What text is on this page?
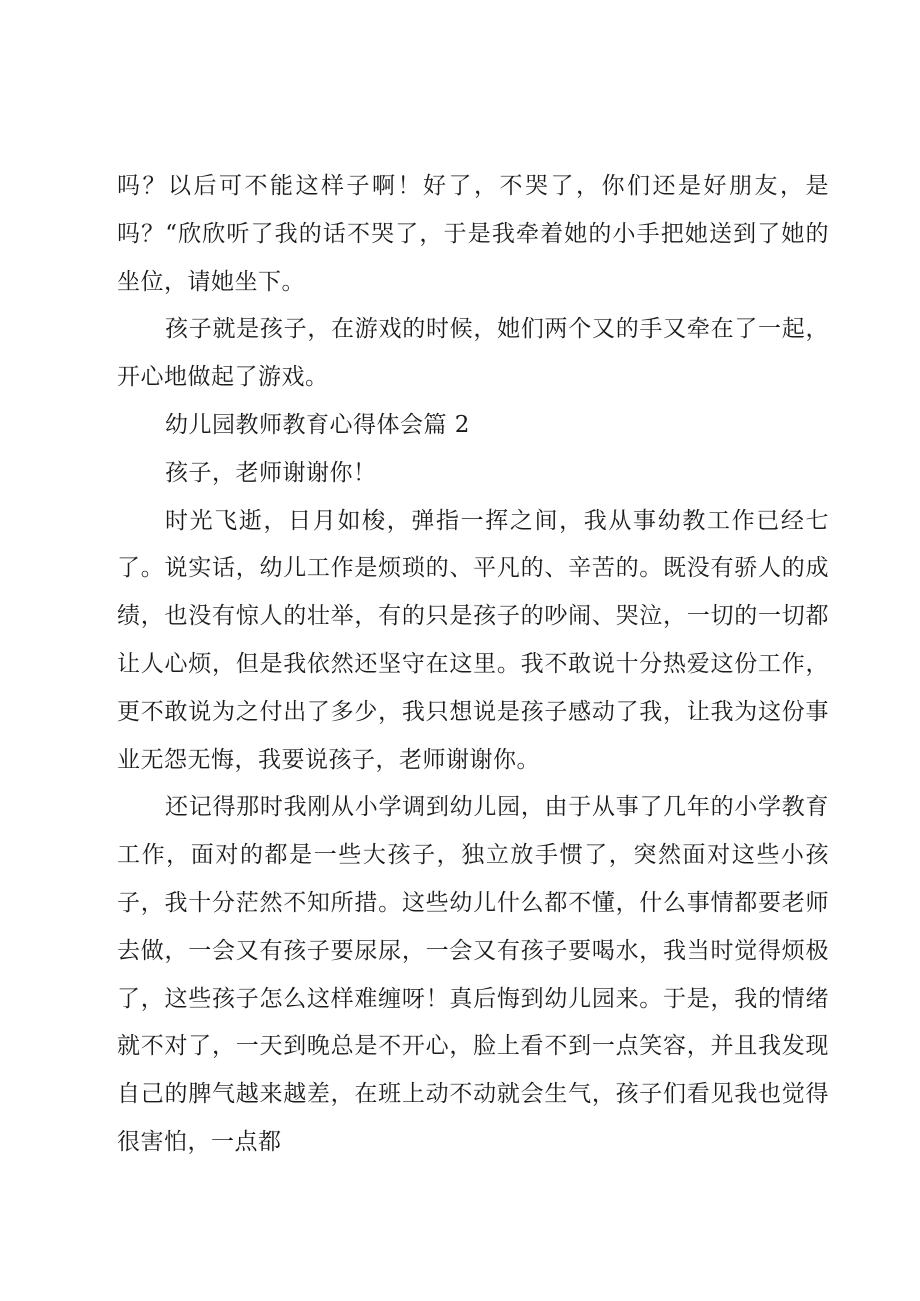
吗？以后可不能这样子啊！好了，不哭了，你们还是好朋友，是吗？“欣欣听了我的话不哭了，于是我牵着她的小手把她送到了她的坐位，请她坐下。

孩子就是孩子，在游戏的时候，她们两个又的手又牵在了一起，开心地做起了游戏。

幼儿园教师教育心得体会篇 2

孩子，老师谢谢你！

时光飞逝，日月如梭，弹指一挥之间，我从事幼教工作已经七了。说实话，幼儿工作是烦琐的、平凡的、辛苦的。既没有骄人的成绩，也没有惊人的壮举，有的只是孩子的吵闹、哭泣，一切的一切都让人心烦，但是我依然还坚守在这里。我不敢说十分热爱这份工作，更不敢说为之付出了多少，我只想说是孩子感动了我，让我为这份事业无怨无悔，我要说孩子，老师谢谢你。

还记得那时我刚从小学调到幼儿园，由于从事了几年的小学教育工作，面对的都是一些大孩子，独立放手惯了，突然面对这些小孩子，我十分茫然不知所措。这些幼儿什么都不懂，什么事情都要老师去做，一会又有孩子要尿尿，一会又有孩子要喝水，我当时觉得烦极了，这些孩子怎么这样难缠呀！真后悔到幼儿园来。于是，我的情绪就不对了，一天到晚总是不开心，脸上看不到一点笑容，并且我发现自己的脾气越来越差，在班上动不动就会生气，孩子们看见我也觉得很害怕，一点都
